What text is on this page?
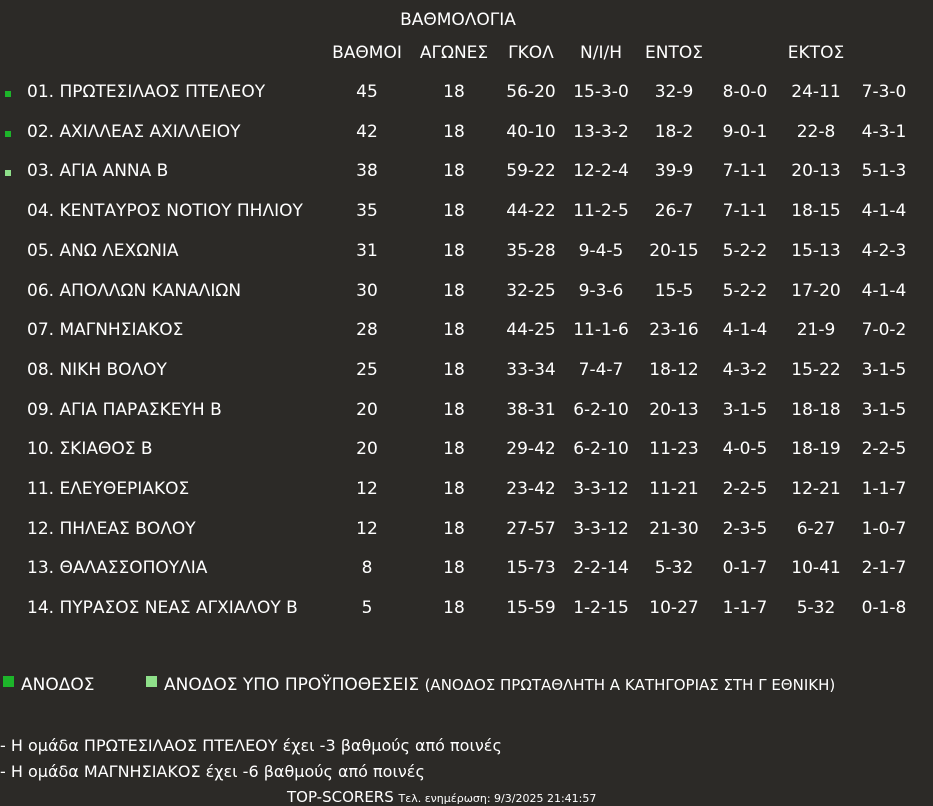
ΒΑΘΜΟΛΟΓΙΑ
ΒΑΘΜΟΙ ΑΓΩΝΕΣ ΓΚΟΛ Ν/Ι/Η ΕΝΤΟΣ	ΕΚΤΟΣ
01. ΠΡΩΤΕΣΙΛΑΟΣ ΠΤΕΛΕΟΥ	45	18 56-20 15-3-0 32-9 8-0-0 24-11 7-3-0
02. ΑΧΙΛΛΕΑΣ ΑΧΙΛΛΕΙΟΥ	42	18 40-10 13-3-2 18-2 9-0-1 22-8 4-3-1
03. ΑΓΙΑ ΑΝΝΑ Β	38	18 59-22 12-2-4 39-9 7-1-1 20-13 5-1-3
04. ΚΕΝΤΑΥΡΟΣ ΝΟΤΙΟΥ ΠΗΛΙΟΥ	35	18 44-22 11-2-5 26-7 7-1-1 18-15 4-1-4
05. ΑΝΩ ΛΕΧΩΝΙΑ	31	18 35-28 9-4-5 20-15 5-2-2 15-13 4-2-3
06. ΑΠΟΛΛΩΝ ΚΑΝΑΛΙΩΝ	30	18 32-25 9-3-6 15-5 5-2-2 17-20 4-1-4
07. ΜΑΓΝΗΣΙΑΚΟΣ	28	18 44-25 11-1-6 23-16 4-1-4 21-9 7-0-2
08. ΝΙΚΗ ΒΟΛΟΥ	25	18 33-34 7-4-7 18-12 4-3-2 15-22 3-1-5
09. ΑΓΙΑ ΠΑΡΑΣΚΕΥΗ Β	20	18 38-31 6-2-10 20-13 3-1-5 18-18 3-1-5
10. ΣΚΙΑΘΟΣ Β	20	18 29-42 6-2-10 11-23 4-0-5 18-19 2-2-5
11. ΕΛΕΥΘΕΡΙΑΚΟΣ	12	18 23-42 3-3-12 11-21 2-2-5 12-21 1-1-7
12. ΠΗΛΕΑΣ ΒΟΛΟΥ	12	18 27-57 3-3-12 21-30 2-3-5 6-27 1-0-7
13. ΘΑΛΑΣΣΟΠΟΥΛΙΑ	8	18 15-73 2-2-14 5-32 0-1-7 10-41 2-1-7
14. ΠΥΡΑΣΟΣ ΝΕΑΣ ΑΓΧΙΑΛΟΥ Β	5	18 15-59 1-2-15 10-27 1-1-7 5-32 0-1-8
ΑΝΟΔΟΣ	ΑΝΟΔΟΣ ΥΠΟ ΠΡΟΫΠΟΘΕΣΕΙΣ (ΑΝΟΔΟΣ ΠΡΩΤΑΘΛΗΤΗ Α ΚΑΤΗΓΟΡΙΑΣ ΣΤΗ Γ ΕΘΝΙΚΗ)
- Η ομάδα ΠΡΩΤΕΣΙΛΑΟΣ ΠΤΕΛΕΟΥ έχει -3 βαθμούς από ποινές
- Η ομάδα ΜΑΓΝΗΣΙΑΚΟΣ έχει -6 βαθμούς από ποινές
TOP-SCORERS Τελ. ενημέρωση: 9/3/2025 21:41:57
